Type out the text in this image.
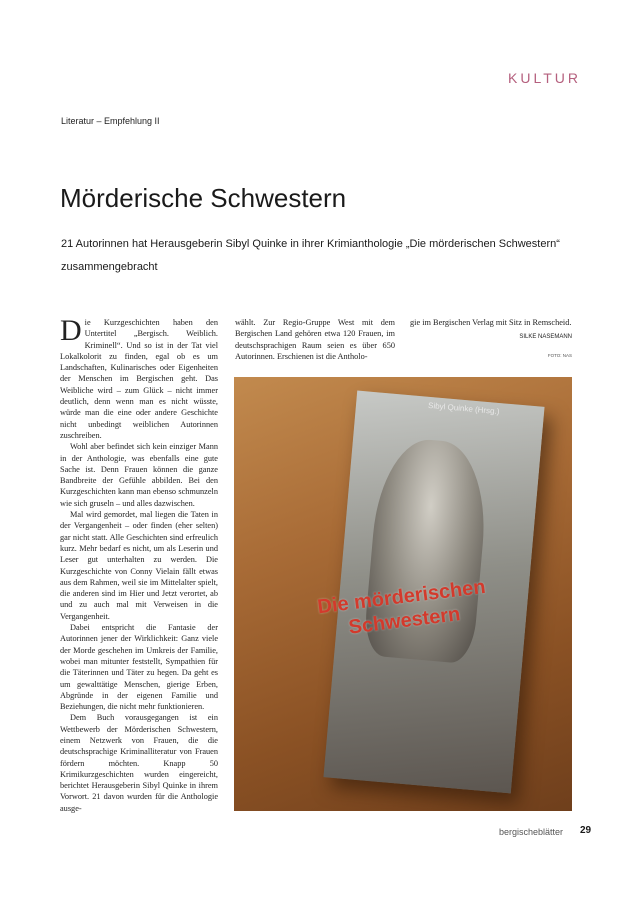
KULTUR
Literatur – Empfehlung II
Mörderische Schwestern
21 Autorinnen hat Herausgeberin Sibyl Quinke in ihrer Krimianthologie „Die mörderischen Schwestern“ zusammengebracht

Die Kurzgeschichten haben den Untertitel „Bergisch. Weiblich. Kriminell“. Und so ist in der Tat viel Lokalkolorit zu finden, egal ob es um Landschaften, Kulinarisches oder Eigenheiten der Menschen im Bergischen geht. Das Weibliche wird – zum Glück – nicht immer deutlich, denn wenn man es nicht wüsste, würde man die eine oder andere Geschichte nicht unbedingt weiblichen Autorinnen zuschreiben.

Wohl aber befindet sich kein einziger Mann in der Anthologie, was ebenfalls eine gute Sache ist. Denn Frauen können die ganze Bandbreite der Gefühle abbilden. Bei den Kurzgeschichten kann man ebenso schmunzeln wie sich gruseln – und alles dazwischen.

Mal wird gemordet, mal liegen die Taten in der Vergangenheit – oder finden (eher selten) gar nicht statt. Alle Geschichten sind erfreulich kurz. Mehr bedarf es nicht, um als Leserin und Leser gut unterhalten zu werden. Die Kurzgeschichte von Conny Vielain fällt etwas aus dem Rahmen, weil sie im Mittelalter spielt, die anderen sind im Hier und Jetzt verortet, ab und zu auch mal mit Verweisen in die Vergangenheit.

Dabei entspricht die Fantasie der Autorinnen jener der Wirklichkeit: Ganz viele der Morde geschehen im Umkreis der Familie, wobei man mitunter feststellt, Sympathien für die Täterinnen und Täter zu hegen. Da geht es um gewalttätige Menschen, gierige Erben, Abgründe in der eigenen Familie und Beziehungen, die nicht mehr funktionieren.

Dem Buch vorausgegangen ist ein Wettbewerb der Mörderischen Schwestern, einem Netzwerk von Frauen, die die deutschsprachige Kriminalliteratur von Frauen fördern möchten. Knapp 50 Krimikurzgeschichten wurden eingereicht, berichtet Herausgeberin Sibyl Quinke in ihrem Vorwort. 21 davon wurden für die Anthologie ausge-

wählt. Zur Regio-Gruppe West mit dem Bergischen Land gehören etwa 120 Frauen, im deutschsprachigen Raum seien es über 650 Autorinnen. Erschienen ist die Antholo-

gie im Bergischen Verlag mit Sitz in Remscheid.

SILKE NASEMANN
FOTO: NAS
Sibyl Quinke (Hrsg.)
Die mörderischen Schwestern
bergischeblätter 29
